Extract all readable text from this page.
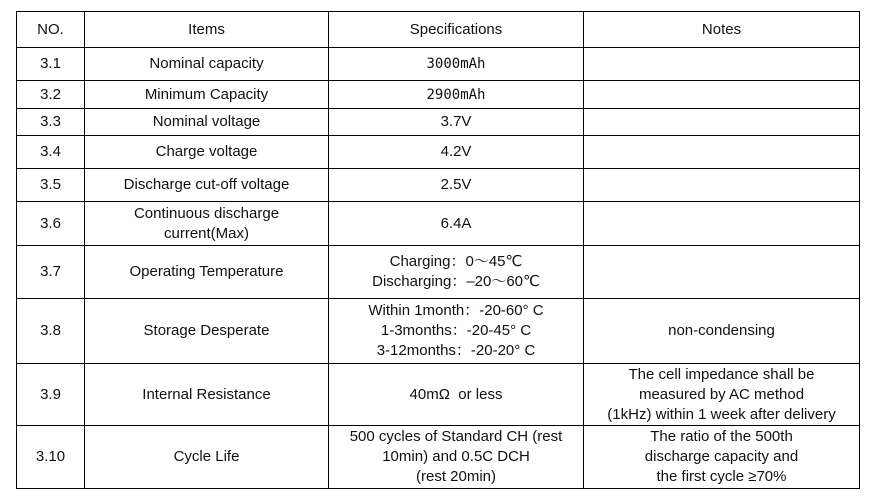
NO.	Items	Specifications	Notes
3.1	Nominal capacity	3000mAh	

3.2	Minimum Capacity	2900mAh	

3.3	Nominal voltage	3.7V	

3.4	Charge voltage	4.2V	

3.5	Discharge cut-off voltage	2.5V	

3.6	Continuous discharge current(Max)	6.4A	

3.7	Operating Temperature	Charging：0～45℃
Discharging：–20～60℃	

3.8	Storage Desperate	Within 1month：-20-60° C
1-3months：-20-45° C
3-12months：-20-20° C	non-condensing

3.9	Internal Resistance	40mΩ  or less	The cell impedance shall be
measured by AC method
(1kHz) within 1 week after delivery

3.10	Cycle Life	500 cycles of Standard CH (rest
10min) and 0.5C DCH
(rest 20min)	The ratio of the 500th
discharge capacity and
the first cycle ≥70%
